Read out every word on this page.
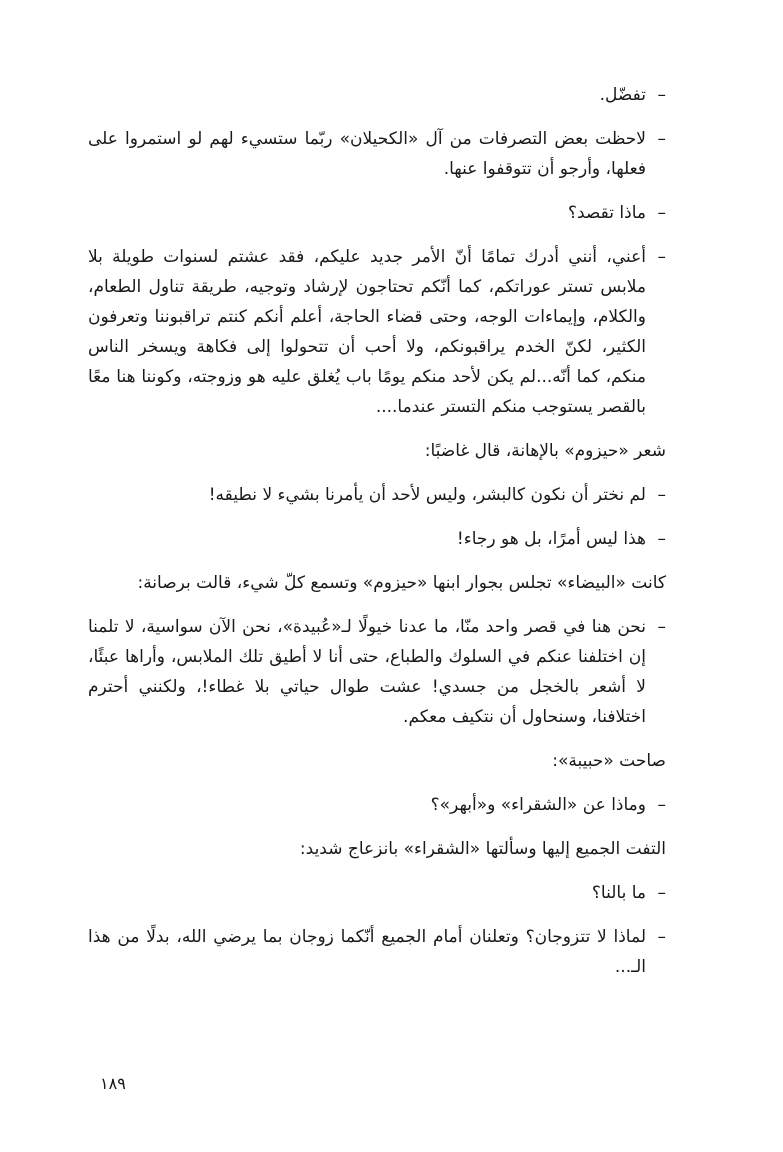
–
تفضّل.

–
لاحظت بعض التصرفات من آل «الكحيلان» ربّما ستسيء لهم لو استمروا على فعلها، وأرجو أن تتوقفوا عنها.

–
ماذا تقصد؟

–
أعني، أنني أدرك تمامًا أنّ الأمر جديد عليكم، فقد عشتم لسنوات طويلة بلا ملابس تستر عوراتكم، كما أنّكم تحتاجون لإرشاد وتوجيه، طريقة تناول الطعام، والكلام، وإيماءات الوجه، وحتى قضاء الحاجة، أعلم أنكم كنتم تراقبوننا وتعرفون الكثير، لكنّ الخدم يراقبونكم، ولا أحب أن تتحولوا إلى فكاهة ويسخر الناس منكم، كما أنّه...لم يكن لأحد منكم يومًا باب يُغلق عليه هو وزوجته، وكوننا هنا معًا بالقصر يستوجب منكم التستر عندما....

شعر «حيزوم» بالإهانة، قال غاضبًا:

–
لم نختر أن نكون كالبشر، وليس لأحد أن يأمرنا بشيء لا نطيقه!

–
هذا ليس أمرًا، بل هو رجاء!

كانت «البيضاء» تجلس بجوار ابنها «حيزوم» وتسمع كلّ شيء، قالت برصانة:

–
نحن هنا في قصر واحد منّا، ما عدنا خيولًا لـ«عُبيدة»، نحن الآن سواسية، لا تلمنا إن اختلفنا عنكم في السلوك والطباع، حتى أنا لا أطيق تلك الملابس، وأراها عبئًا، لا أشعر بالخجل من جسدي! عشت طوال حياتي بلا غطاء!، ولكنني أحترم اختلافنا، وسنحاول أن نتكيف معكم.

صاحت «حبيبة»:

–
وماذا عن «الشقراء» و«أبهر»؟

التفت الجميع إليها وسألتها «الشقراء» بانزعاج شديد:

–
ما بالنا؟

–
لماذا لا تتزوجان؟ وتعلنان أمام الجميع أنّكما زوجان بما يرضي الله، بدلًا من هذا الـ...

١٨٩
